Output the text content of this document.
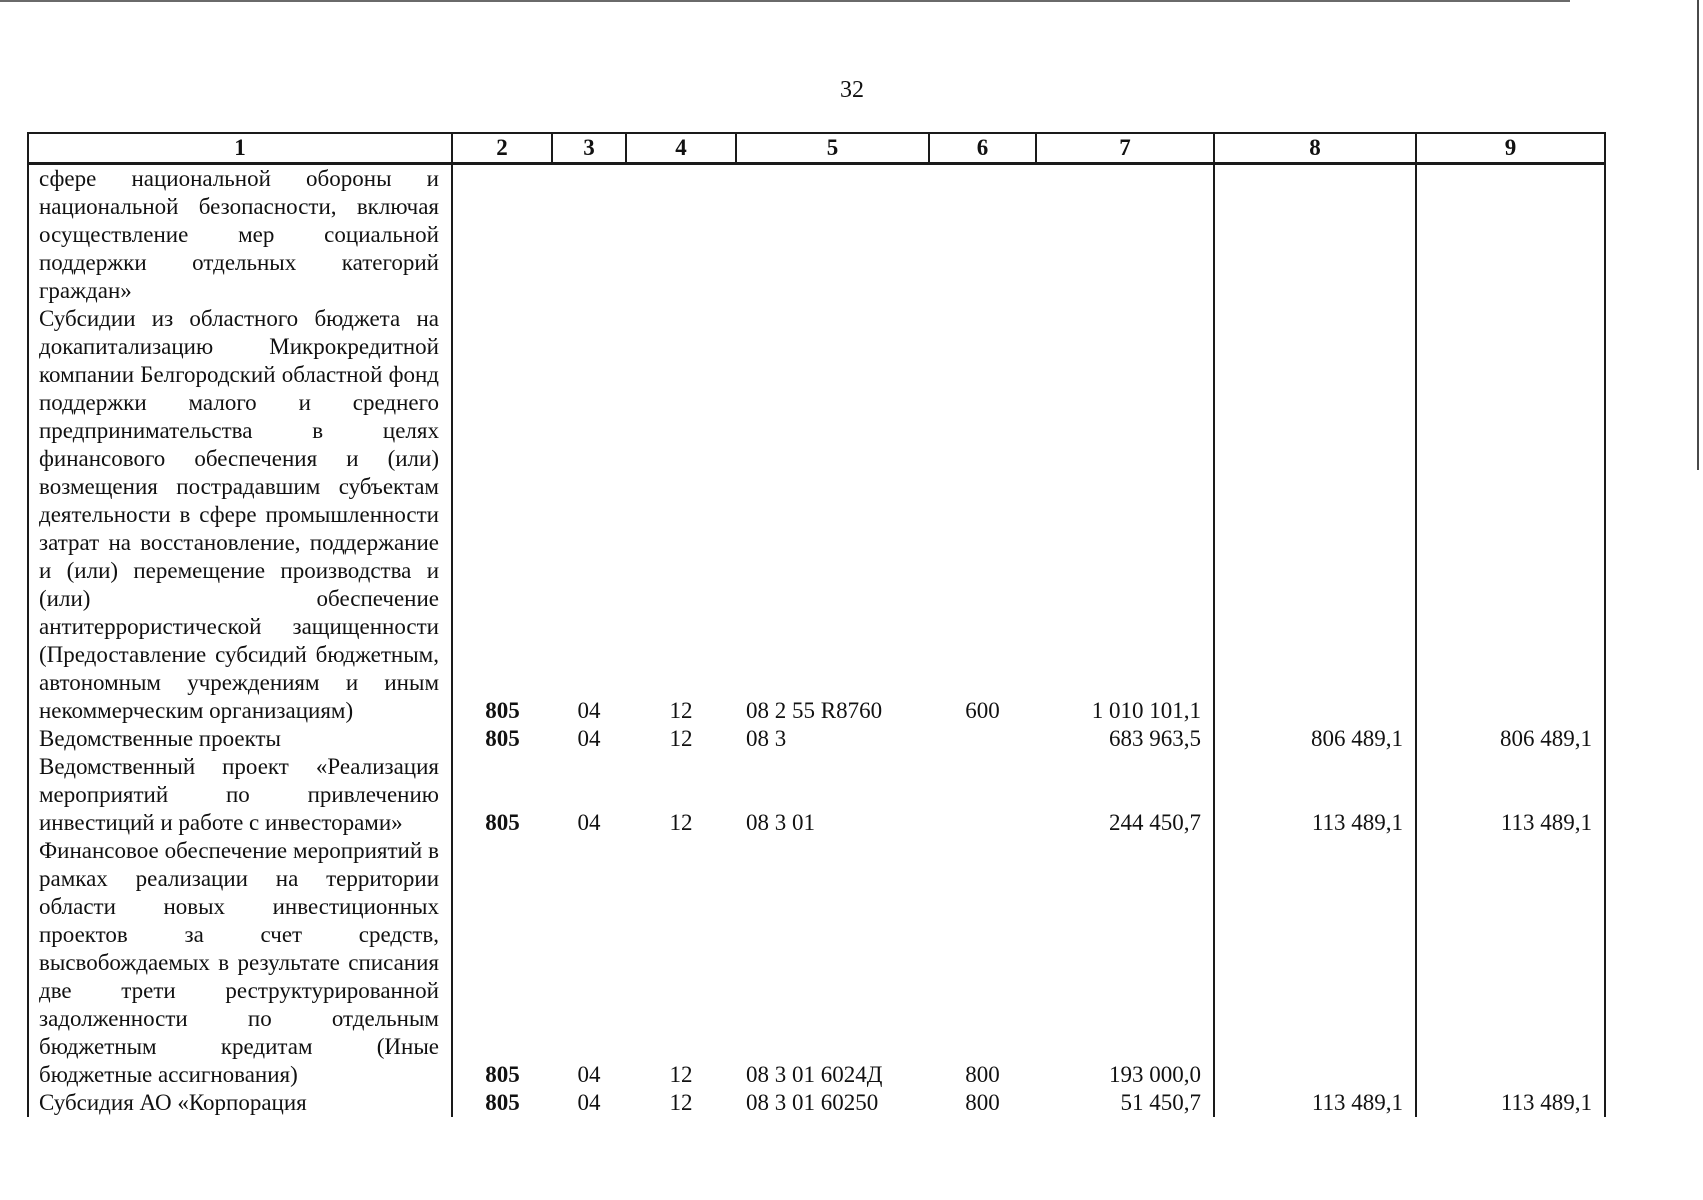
32
1	2	3	4	5	6	7	8	9
сфере национальной обороны и национальной безопасности, включая осуществление мер социальной поддержки отдельных категорий граждан»								
Субсидии из областного бюджета на докапитализацию Микрокредитной компании Белгородский областной фонд поддержки малого и среднего предпринимательства в целях финансового обеспечения и (или) возмещения пострадавшим субъектам деятельности в сфере промышленности затрат на восстановление, поддержание и (или) перемещение производства и (или) обеспечение антитеррористической защищенности (Предоставление субсидий бюджетным, автономным учреждениям и иным некоммерческим организациям)	805	04	12	08 2 55 R8760	600	1 010 101,1		
Ведомственные проекты	805	04	12	08 3		683 963,5	806 489,1	806 489,1
Ведомственный проект «Реализация мероприятий по привлечению инвестиций и работе с инвесторами»	805	04	12	08 3 01		244 450,7	113 489,1	113 489,1
Финансовое обеспечение мероприятий в рамках реализации на территории области новых инвестиционных проектов за счет средств, высвобождаемых в результате списания две трети реструктурированной задолженности по отдельным бюджетным кредитам (Иные бюджетные ассигнования)	805	04	12	08 3 01 6024Д	800	193 000,0		
Субсидия АО «Корпорация	805	04	12	08 3 01 60250	800	51 450,7	113 489,1	113 489,1
